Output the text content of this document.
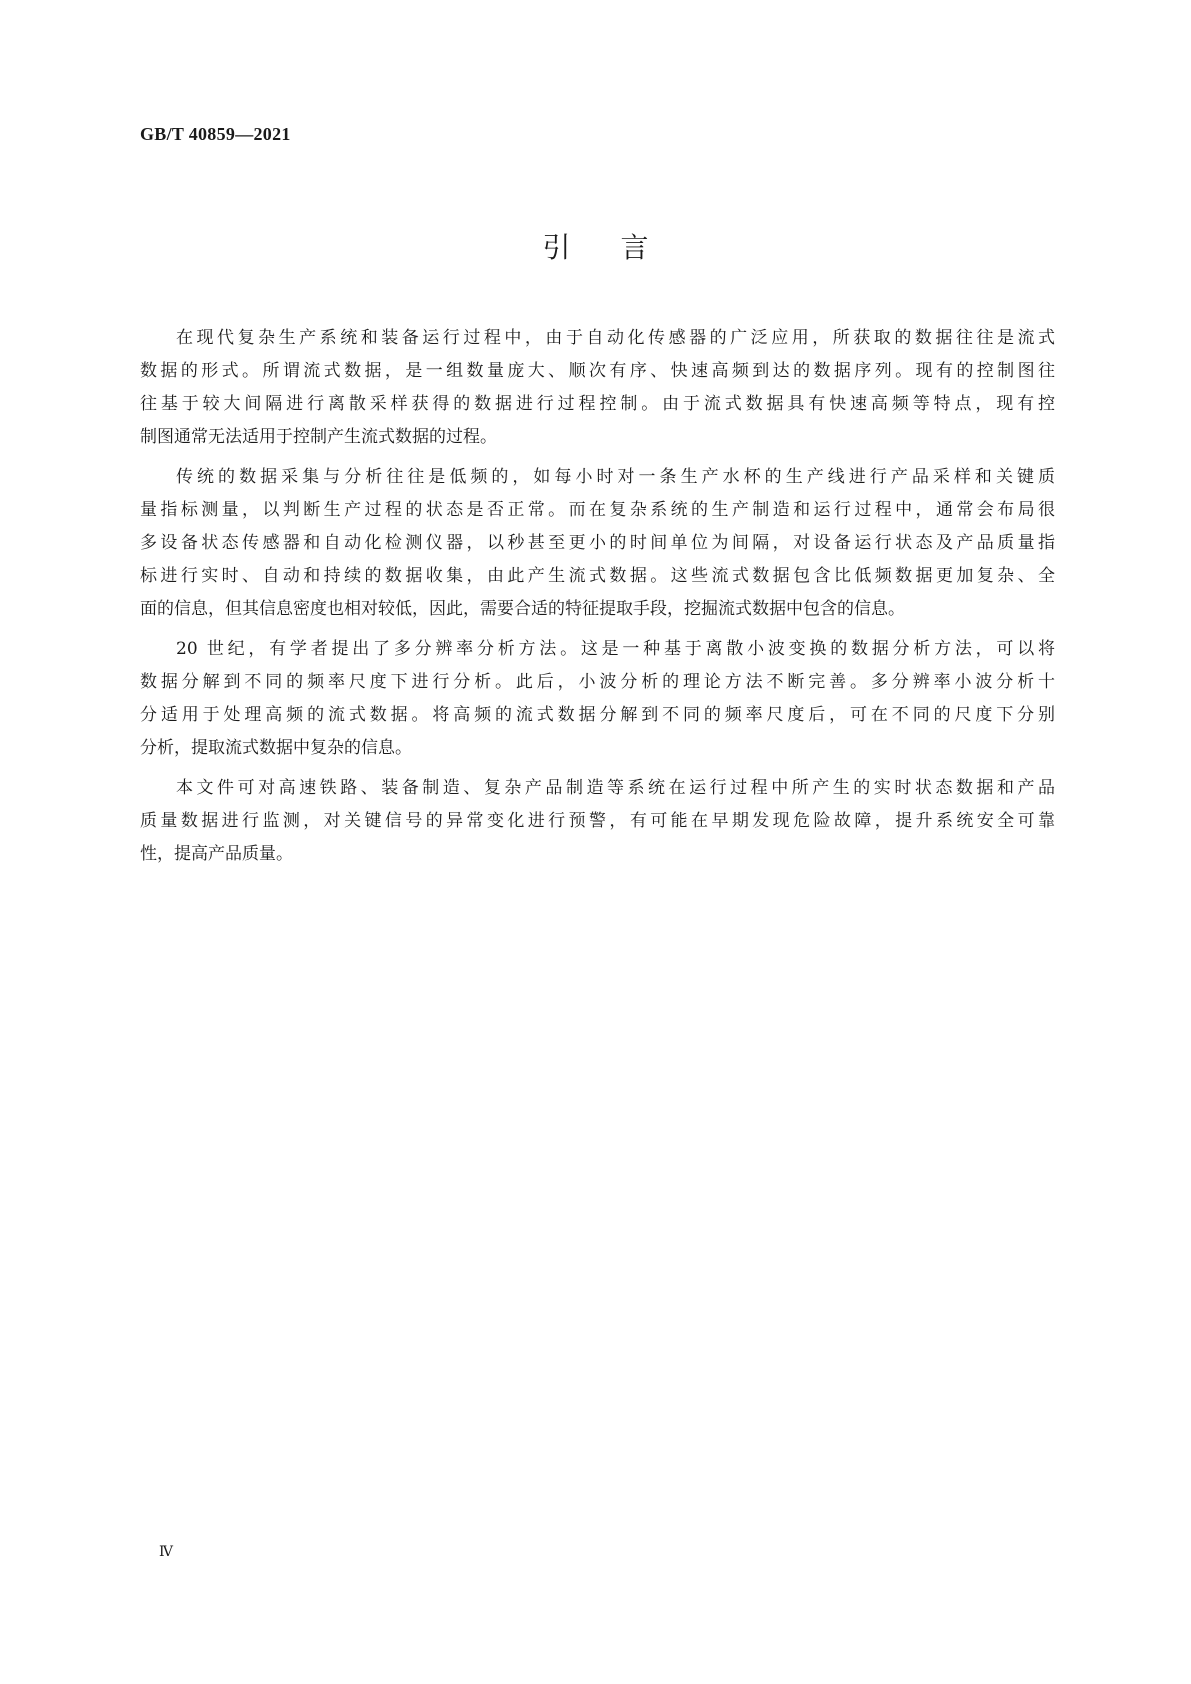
GB/T 40859—2021
引言
在现代复杂生产系统和装备运行过程中，由于自动化传感器的广泛应用，所获取的数据往往是流式
数据的形式。所谓流式数据，是一组数量庞大、顺次有序、快速高频到达的数据序列。现有的控制图往
往基于较大间隔进行离散采样获得的数据进行过程控制。由于流式数据具有快速高频等特点，现有控
制图通常无法适用于控制产生流式数据的过程。
传统的数据采集与分析往往是低频的，如每小时对一条生产水杯的生产线进行产品采样和关键质
量指标测量，以判断生产过程的状态是否正常。而在复杂系统的生产制造和运行过程中，通常会布局很
多设备状态传感器和自动化检测仪器，以秒甚至更小的时间单位为间隔，对设备运行状态及产品质量指
标进行实时、自动和持续的数据收集，由此产生流式数据。这些流式数据包含比低频数据更加复杂、全
面的信息，但其信息密度也相对较低，因此，需要合适的特征提取手段，挖掘流式数据中包含的信息。
20 世纪，有学者提出了多分辨率分析方法。这是一种基于离散小波变换的数据分析方法，可以将
数据分解到不同的频率尺度下进行分析。此后，小波分析的理论方法不断完善。多分辨率小波分析十
分适用于处理高频的流式数据。将高频的流式数据分解到不同的频率尺度后，可在不同的尺度下分别
分析，提取流式数据中复杂的信息。
本文件可对高速铁路、装备制造、复杂产品制造等系统在运行过程中所产生的实时状态数据和产品
质量数据进行监测，对关键信号的异常变化进行预警，有可能在早期发现危险故障，提升系统安全可靠
性，提高产品质量。
Ⅳ
